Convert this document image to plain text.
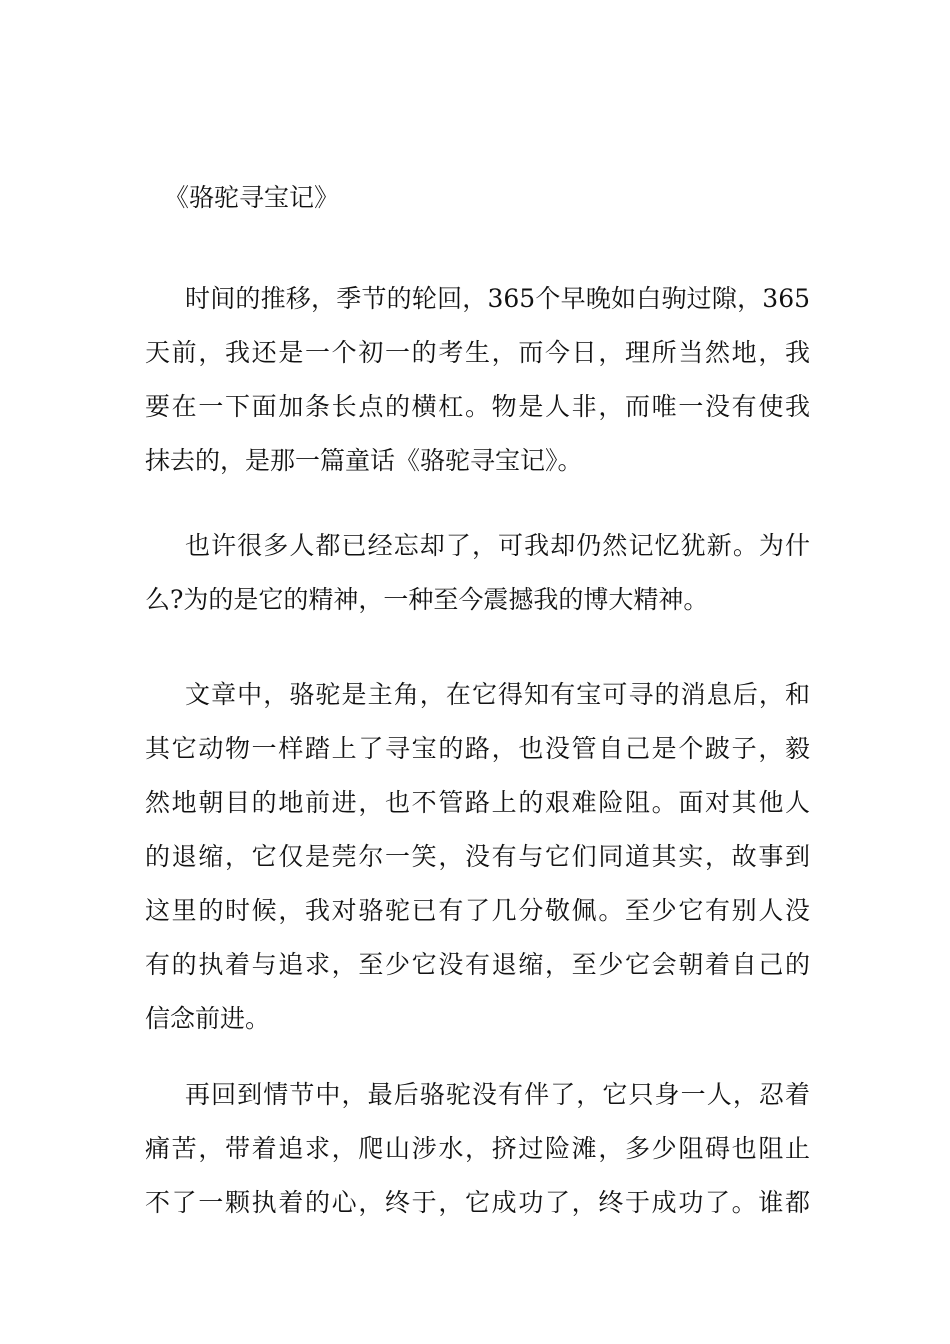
《骆驼寻宝记》
时间的推移，季节的轮回，365个早晚如白驹过隙，365
天前，我还是一个初一的考生，而今日，理所当然地，我
要在一下面加条长点的横杠。物是人非，而唯一没有使我
抹去的，是那一篇童话《骆驼寻宝记》。
也许很多人都已经忘却了，可我却仍然记忆犹新。为什
么?为的是它的精神，一种至今震撼我的博大精神。
文章中，骆驼是主角，在它得知有宝可寻的消息后，和
其它动物一样踏上了寻宝的路，也没管自己是个跛子，毅
然地朝目的地前进，也不管路上的艰难险阻。面对其他人
的退缩，它仅是莞尔一笑，没有与它们同道其实，故事到
这里的时候，我对骆驼已有了几分敬佩。至少它有别人没
有的执着与追求，至少它没有退缩，至少它会朝着自己的
信念前进。
再回到情节中，最后骆驼没有伴了，它只身一人，忍着
痛苦，带着追求，爬山涉水，挤过险滩，多少阻碍也阻止
不了一颗执着的心，终于，它成功了，终于成功了。谁都
